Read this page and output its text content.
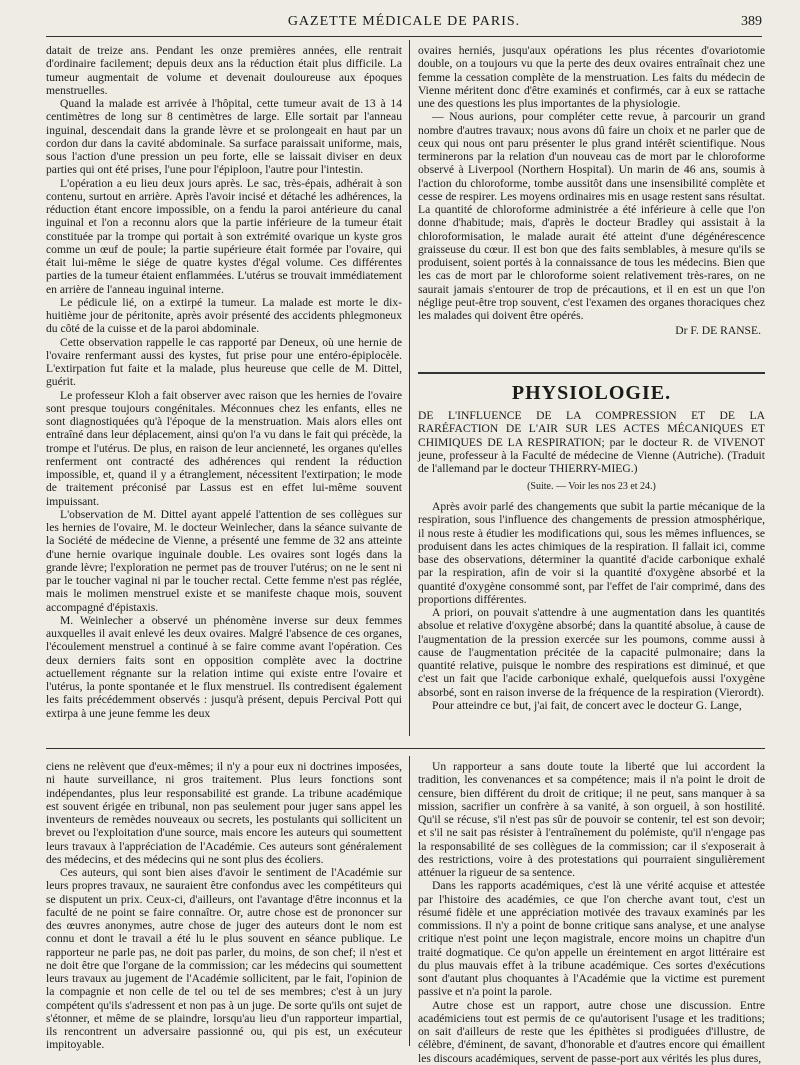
GAZETTE MÉDICALE DE PARIS.	389

datait de treize ans. Pendant les onze premières années, elle rentrait d'ordinaire facilement; depuis deux ans la réduction était plus difficile. La tumeur augmentait de volume et devenait douloureuse aux époques menstruelles.

Quand la malade est arrivée à l'hôpital, cette tumeur avait de 13 à 14 centimètres de long sur 8 centimètres de large. Elle sortait par l'anneau inguinal, descendait dans la grande lèvre et se prolongeait en haut par un cordon dur dans la cavité abdominale. Sa surface paraissait uniforme, mais, sous l'action d'une pression un peu forte, elle se laissait diviser en deux parties qui ont été prises, l'une pour l'épiploon, l'autre pour l'intestin.

L'opération a eu lieu deux jours après. Le sac, très-épais, adhérait à son contenu, surtout en arrière. Après l'avoir incisé et détaché les adhérences, la réduction étant encore impossible, on a fendu la paroi antérieure du canal inguinal et l'on a reconnu alors que la partie inférieure de la tumeur était constituée par la trompe qui portait à son extrémité ovarique un kyste gros comme un œuf de poule; la partie supérieure était formée par l'ovaire, qui était lui-même le siége de quatre kystes d'égal volume. Ces différentes parties de la tumeur étaient enflammées. L'utérus se trouvait immédiatement en arrière de l'anneau inguinal interne.

Le pédicule lié, on a extirpé la tumeur. La malade est morte le dix-huitième jour de péritonite, après avoir présenté des accidents phlegmoneux du côté de la cuisse et de la paroi abdominale.

Cette observation rappelle le cas rapporté par Deneux, où une hernie de l'ovaire renfermant aussi des kystes, fut prise pour une entéro-épiplocèle. L'extirpation fut faite et la malade, plus heureuse que celle de M. Dittel, guérit.

Le professeur Kloh a fait observer avec raison que les hernies de l'ovaire sont presque toujours congénitales. Méconnues chez les enfants, elles ne sont diagnostiquées qu'à l'époque de la menstruation. Mais alors elles ont entraîné dans leur déplacement, ainsi qu'on l'a vu dans le fait qui précède, la trompe et l'utérus. De plus, en raison de leur ancienneté, les organes qu'elles renferment ont contracté des adhérences qui rendent la réduction impossible, et, quand il y a étranglement, nécessitent l'extirpation; le mode de traitement préconisé par Lassus est en effet lui-même souvent impuissant.

L'observation de M. Dittel ayant appelé l'attention de ses collègues sur les hernies de l'ovaire, M. le docteur Weinlecher, dans la séance suivante de la Société de médecine de Vienne, a présenté une femme de 32 ans atteinte d'une hernie ovarique inguinale double. Les ovaires sont logés dans la grande lèvre; l'exploration ne permet pas de trouver l'utérus; on ne le sent ni par le toucher vaginal ni par le toucher rectal. Cette femme n'est pas réglée, mais le molimen menstruel existe et se manifeste chaque mois, souvent accompagné d'épistaxis.

M. Weinlecher a observé un phénomène inverse sur deux femmes auxquelles il avait enlevé les deux ovaires. Malgré l'absence de ces organes, l'écoulement menstruel a continué à se faire comme avant l'opération. Ces deux derniers faits sont en opposition complète avec la doctrine actuellement régnante sur la relation intime qui existe entre l'ovaire et l'utérus, la ponte spontanée et le flux menstruel. Ils contredisent également les faits précédemment observés : jusqu'à présent, depuis Percival Pott qui extirpa à une jeune femme les deux

ovaires herniés, jusqu'aux opérations les plus récentes d'ovariotomie double, on a toujours vu que la perte des deux ovaires entraînait chez une femme la cessation complète de la menstruation. Les faits du médecin de Vienne méritent donc d'être examinés et confirmés, car à eux se rattache une des questions les plus importantes de la physiologie.

— Nous aurions, pour compléter cette revue, à parcourir un grand nombre d'autres travaux; nous avons dû faire un choix et ne parler que de ceux qui nous ont paru présenter le plus grand intérêt scientifique. Nous terminerons par la relation d'un nouveau cas de mort par le chloroforme observé à Liverpool (Northern Hospital). Un marin de 46 ans, soumis à l'action du chloroforme, tombe aussitôt dans une insensibilité complète et cesse de respirer. Les moyens ordinaires mis en usage restent sans résultat. La quantité de chloroforme administrée a été inférieure à celle que l'on donne d'habitude; mais, d'après le docteur Bradley qui assistait à la chloroformisation, le malade aurait été atteint d'une dégénérescence graisseuse du cœur. Il est bon que des faits semblables, à mesure qu'ils se produisent, soient portés à la connaissance de tous les médecins. Bien que les cas de mort par le chloroforme soient relativement très-rares, on ne saurait jamais s'entourer de trop de précautions, et il en est un que l'on néglige peut-être trop souvent, c'est l'examen des organes thoraciques chez les malades qui doivent être opérés.

Dr F. DE RANSE.
PHYSIOLOGIE.

DE L'INFLUENCE DE LA COMPRESSION ET DE LA RARÉFACTION DE L'AIR SUR LES ACTES MÉCANIQUES ET CHIMIQUES DE LA RESPIRATION; par le docteur R. de VIVENOT jeune, professeur à la Faculté de médecine de Vienne (Autriche). (Traduit de l'allemand par le docteur THIERRY-MIEG.)

(Suite. — Voir les nos 23 et 24.)

Après avoir parlé des changements que subit la partie mécanique de la respiration, sous l'influence des changements de pression atmosphérique, il nous reste à étudier les modifications qui, sous les mêmes influences, se produisent dans les actes chimiques de la respiration. Il fallait ici, comme base des observations, déterminer la quantité d'acide carbonique exhalé par la respiration, afin de voir si la quantité d'oxygène absorbé et la quantité d'oxygène consommé sont, par l'effet de l'air comprimé, dans des proportions différentes.

A priori, on pouvait s'attendre à une augmentation dans les quantités absolue et relative d'oxygène absorbé; dans la quantité absolue, à cause de l'augmentation de la pression exercée sur les poumons, comme aussi à cause de l'augmentation précitée de la capacité pulmonaire; dans la quantité relative, puisque le nombre des respirations est diminué, et que c'est un fait que l'acide carbonique exhalé, quelquefois aussi l'oxygène absorbé, sont en raison inverse de la fréquence de la respiration (Vierordt).

Pour atteindre ce but, j'ai fait, de concert avec le docteur G. Lange,

ciens ne relèvent que d'eux-mêmes; il n'y a pour eux ni doctrines imposées, ni haute surveillance, ni gros traitement. Plus leurs fonctions sont indépendantes, plus leur responsabilité est grande. La tribune académique est souvent érigée en tribunal, non pas seulement pour juger sans appel les inventeurs de remèdes nouveaux ou secrets, les postulants qui sollicitent un brevet ou l'exploitation d'une source, mais encore les auteurs qui soumettent leurs travaux à l'appréciation de l'Académie. Ces auteurs sont généralement des médecins, et des médecins qui ne sont plus des écoliers.

Ces auteurs, qui sont bien aises d'avoir le sentiment de l'Académie sur leurs propres travaux, ne sauraient être confondus avec les compétiteurs qui se disputent un prix. Ceux-ci, d'ailleurs, ont l'avantage d'être inconnus et la faculté de ne point se faire connaître. Or, autre chose est de prononcer sur des œuvres anonymes, autre chose de juger des auteurs dont le nom est connu et dont le travail a été lu le plus souvent en séance publique. Le rapporteur ne parle pas, ne doit pas parler, du moins, de son chef; il n'est et ne doit être que l'organe de la commission; car les médecins qui soumettent leurs travaux au jugement de l'Académie sollicitent, par le fait, l'opinion de la compagnie et non celle de tel ou tel de ses membres; c'est à un jury compétent qu'ils s'adressent et non pas à un juge. De sorte qu'ils ont sujet de s'étonner, et même de se plaindre, lorsqu'au lieu d'un rapporteur impartial, ils rencontrent un adversaire passionné ou, qui pis est, un exécuteur impitoyable.

Un rapporteur a sans doute toute la liberté que lui accordent la tradition, les convenances et sa compétence; mais il n'a point le droit de censure, bien différent du droit de critique; il ne peut, sans manquer à sa mission, sacrifier un confrère à sa vanité, à son orgueil, à son hostilité. Qu'il se récuse, s'il n'est pas sûr de pouvoir se contenir, tel est son devoir; et s'il ne sait pas résister à l'entraînement du polémiste, qu'il n'engage pas la responsabilité de ses collègues de la commission; car il s'exposerait à des restrictions, voire à des protestations qui pourraient singulièrement atténuer la rigueur de sa sentence.

Dans les rapports académiques, c'est là une vérité acquise et attestée par l'histoire des académies, ce que l'on cherche avant tout, c'est un résumé fidèle et une appréciation motivée des travaux examinés par les commissions. Il n'y a point de bonne critique sans analyse, et une analyse critique n'est point une leçon magistrale, encore moins un chapitre d'un traité dogmatique. Ce qu'on appelle un éreintement en argot littéraire est du plus mauvais effet à la tribune académique. Ces sortes d'exécutions sont d'autant plus choquantes à l'Académie que la victime est purement passive et n'a point la parole.

Autre chose est un rapport, autre chose une discussion. Entre académiciens tout est permis de ce qu'autorisent l'usage et les traditions; on sait d'ailleurs de reste que les épithètes si prodiguées d'illustre, de célèbre, d'éminent, de savant, d'honorable et d'autres encore qui émaillent les discours académiques, servent de passe-port aux vérités les plus dures,
